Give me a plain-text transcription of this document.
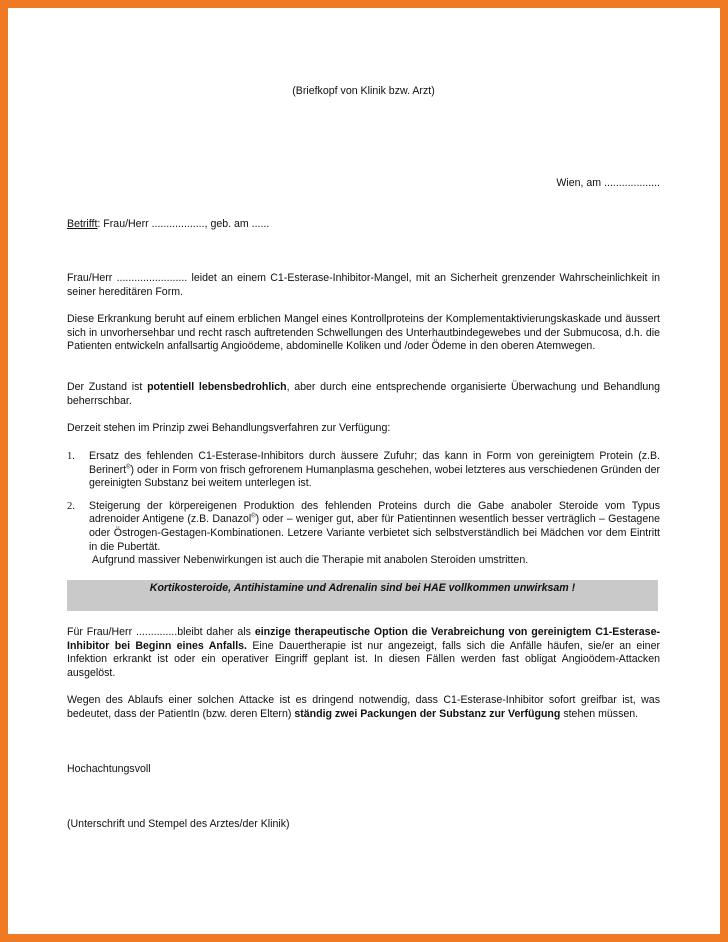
(Briefkopf von Klinik bzw. Arzt)
Wien, am ...................
Betrifft: Frau/Herr .................., geb. am ......
Frau/Herr ........................ leidet an einem C1-Esterase-Inhibitor-Mangel, mit an Sicherheit grenzender Wahrscheinlichkeit in seiner hereditären Form.
Diese Erkrankung beruht auf einem erblichen Mangel eines Kontrollproteins der Komplementaktivierungskaskade und äussert sich in unvorhersehbar und recht rasch auftretenden Schwellungen des Unterhautbindegewebes und der Submucosa, d.h. die Patienten entwickeln anfallsartig Angioödeme, abdominelle Koliken und /oder Ödeme in den oberen Atemwegen.
Der Zustand ist potentiell lebensbedrohlich, aber durch eine entsprechende organisierte Überwachung und Behandlung beherrschbar.
Derzeit stehen im Prinzip zwei Behandlungsverfahren zur Verfügung:
1. Ersatz des fehlenden C1-Esterase-Inhibitors durch äussere Zufuhr; das kann in Form von gereinigtem Protein (z.B. Berinert®) oder in Form von frisch gefrorenem Humanplasma geschehen, wobei letzteres aus verschiedenen Gründen der gereinigten Substanz bei weitem unterlegen ist.
2. Steigerung der körpereigenen Produktion des fehlenden Proteins durch die Gabe anaboler Steroide vom Typus adrenoider Antigene (z.B. Danazol®) oder – weniger gut, aber für Patientinnen wesentlich besser verträglich – Gestagene oder Östrogen-Gestagen-Kombinationen. Letzere Variante verbietet sich selbstverständlich bei Mädchen vor dem Eintritt in die Pubertät.
Aufgrund massiver Nebenwirkungen ist auch die Therapie mit anabolen Steroiden umstritten.
Kortikosteroide, Antihistamine und Adrenalin sind bei HAE vollkommen unwirksam !
Für Frau/Herr ..............bleibt daher als einzige therapeutische Option die Verabreichung von gereinigtem C1-Esterase-Inhibitor bei Beginn eines Anfalls. Eine Dauertherapie ist nur angezeigt, falls sich die Anfälle häufen, sie/er an einer Infektion erkrankt ist oder ein operativer Eingriff geplant ist. In diesen Fällen werden fast obligat Angioödem-Attacken ausgelöst.
Wegen des Ablaufs einer solchen Attacke ist es dringend notwendig, dass C1-Esterase-Inhibitor sofort greifbar ist, was bedeutet, dass der PatientIn (bzw. deren Eltern) ständig zwei Packungen der Substanz zur Verfügung stehen müssen.
Hochachtungsvoll
(Unterschrift und Stempel des Arztes/der Klinik)
